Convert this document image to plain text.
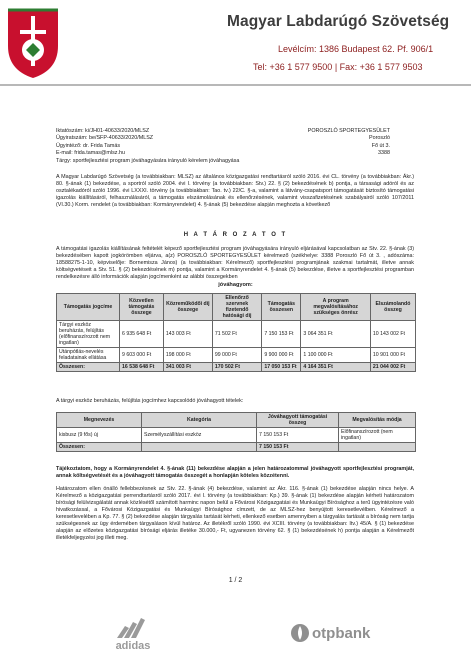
Magyar Labdarúgó Szövetség
Levélcím: 1386 Budapest 62. Pf. 906/1
Tel: +36 1 577 9500 | Fax: +36 1 577 9503
Iktatószám: ki/JH01-40633/2020/MLSZ
Ügyiratszám: be/SFP-40633/2020/MLSZ
Ügyintéző: dr. Frida Tamás
E-mail: frida.tamas@mlsz.hu
Tárgy: sportfejlesztési program jóváhagyására irányuló kérelem jóváhagyása
POROSZLÓ SPORTEGYESÜLET
Poroszló
Fő út 3.
3388
A Magyar Labdarúgó Szövetség (a továbbiakban: MLSZ) az általános közigazgatási rendtartásról szóló 2016. évi CL. törvény (a továbbiakban: Ákr.) 80. §-ának (1) bekezdése, a sportról szóló 2004. évi I. törvény (a továbbiakban: Stv.) 22. § (2) bekezdésének b) pontja, a társasági adóról és az osztalékadóról szóló 1996. évi LXXXI. törvény (a továbbiakban: Tao. tv.) 22/C. §-a, valamint a látvány-csapatsport támogatását biztosító támogatási igazolás kiállításáról, felhasználásáról, a támogatás elszámolásának és ellenőrzésének, valamint visszafizetésének szabályairól szóló 107/2011 (VI.30.) Korm. rendelet (a továbbiakban: Kormányrendelet) 4. §-ának (5) bekezdése alapján meghozta a következő
H A T Á R O Z A T O T
A támogatási igazolás kiállításának feltételét képező sportfejlesztési program jóváhagyására irányuló eljárásával kapcsolatban az Stv. 22. §-ának (3) bekezdésében kapott jogkörömben eljárva, a(z) POROSZLÓ SPORTEGYESÜLET kérelmező (székhelye: 3388 Poroszló Fő út 3. , adószáma: 18588275-1-10, képviselője: Bornemisza János) (a továbbiakban: Kérelmező) sportfejlesztési programjának szakmai tartalmát, illetve annak költségvetéseit a Stv. 51. § (2) bekezdésének m) pontja, valamint a Kormányrendelet 4. §-ának (5) bekezdése, illetve a sportfejlesztési programban rendelkezésre álló információk alapján jogcímenként az alábbi összegekben
jóváhagyom:
Támogatás jogcíme	Közvetlen támogatás összege	Közreműködői díj összege	Ellenőrző szervnek fizetendő hatósági díj	Támogatás összesen	A program megvalósításához szükséges önrész	Elszámolandó összeg
Tárgyi eszköz beruházás, felújítás (előfinanszírozott nem ingatlan)	6 935 648 Ft	143 003 Ft	71 502 Ft	7 150 153 Ft	3 064 351 Ft	10 143 002 Ft
Utánpótlás-nevelés feladatainak ellátása	9 603 000 Ft	198 000 Ft	99 000 Ft	9 900 000 Ft	1 100 000 Ft	10 901 000 Ft
Összesen:	16 538 648 Ft	341 003 Ft	170 502 Ft	17 050 153 Ft	4 164 351 Ft	21 044 002 Ft
A tárgyi eszköz beruházás, felújítás jogcímhez kapcsolódó jóváhagyott tételek:
Megnevezés	Kategória	Jóváhagyott támogatási összeg	Megvalósítás módja
kisbusz (9 fős) új	Személyszállítási eszköz	7 150 153 Ft	Előfinanszírozott (nem ingatlan)
Összesen:		7 150 153 Ft	
Tájékoztatom, hogy a Kormányrendelet 4. §-ának (11) bekezdése alapján a jelen határozatommal jóváhagyott sportfejlesztési programját, annak költségvetését és a jóváhagyott támogatás összegét a honlapján köteles közzétenni.
Határozatom ellen önálló fellebbezésnek az Stv. 22. §-ának (4) bekezdése, valamint az Ákr. 116. §-ának (1) bekezdése alapján nincs helye. A Kérelmező a közigazgatási perrendtartásról szóló 2017. évi I. törvény (a továbbiakban: Kp.) 39. §-ának (1) bekezdése alapján kérheti határozatom bírósági felülvizsgálatát annak közlésétől számított harminc napon belül a Fővárosi Közigazgatási és Munkaügyi Bírósághoz a terű ügyintézésre való hivatkozással, a Fővárosi Közigazgatási és Munkaügyi Bírósághoz címzett, de az MLSZ-hez benyújtott keresetlevélben. Kérelmező a keresetlevelében a Kp. 77. § (2) bekezdése alapján tárgyalás tartását kérheti, ellenkező esetben amennyiben a tárgyalás tartását a bíróság nem tartja szükségesnek az ügy érdemében tárgyaláson kívül határoz. Az illetékről szóló 1990. évi XCIII. törvény (a továbbiakban: Itv.) 45/A. § (1) bekezdése alapján az előzetes közigazgatási bírósági eljárás illetéke 30.000,- Ft, ugyanezen törvény 62. § (1) bekezdésének h) pontja alapján a Kérelmezőt illetékfeljegyzési jog illeti meg.
1 / 2
adidas
otpbank
